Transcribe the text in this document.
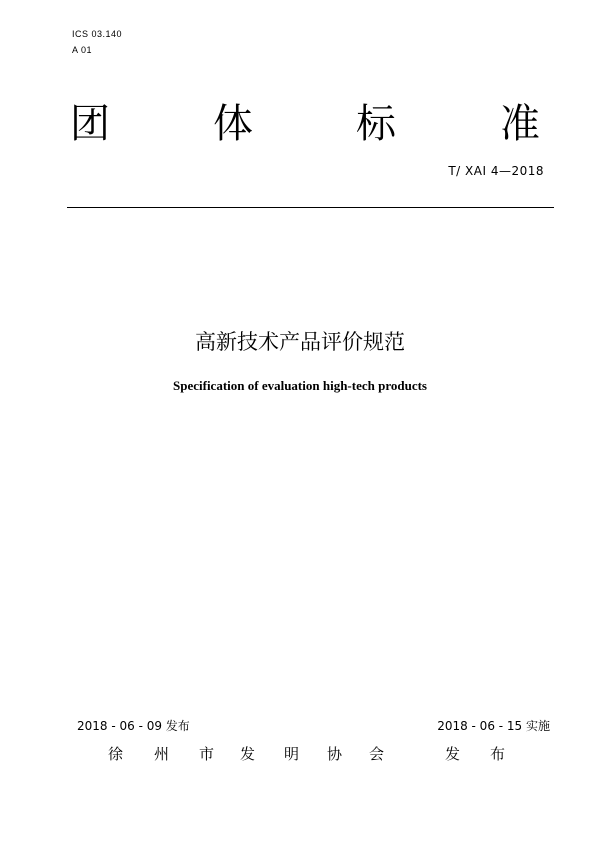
ICS 03.140
A 01
团	体	标	准
T/ XAI 4—2018
高新技术产品评价规范
Specification of evaluation high-tech products
2018 - 06 - 09 发布	2018 - 06 - 15 实施
徐 州 市 发 明 协 会	发 布
